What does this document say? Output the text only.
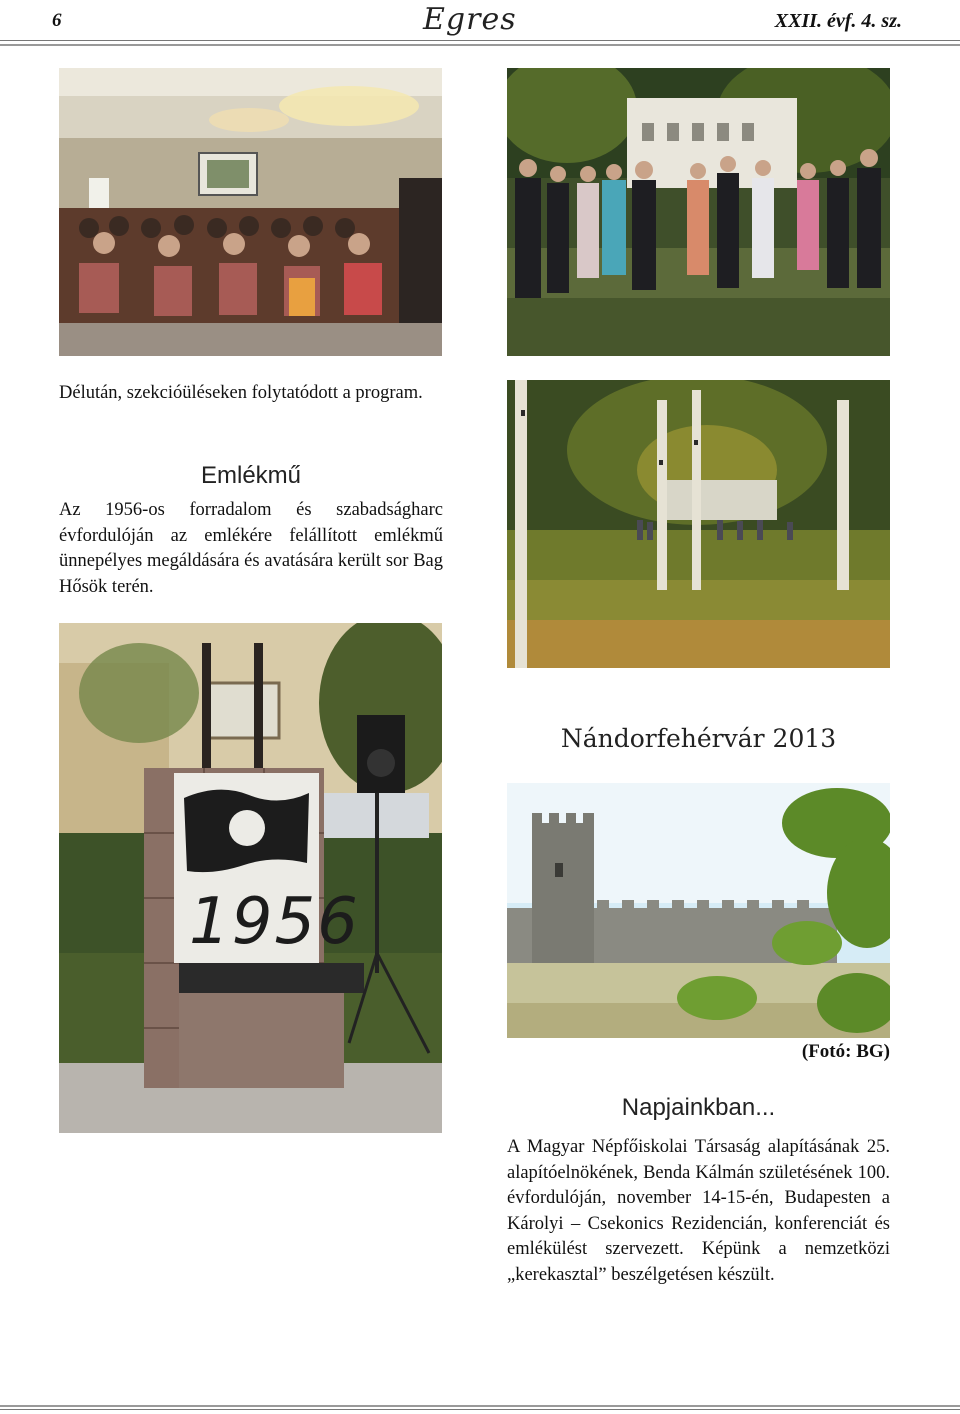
6	Egres	XXII. évf. 4. sz.
Délután, szekcióüléseken folytatódott a program.
Emlékmű
Az 1956-os forradalom és szabadságharc évfordulóján az emlékére felállított emlékmű ünnepélyes megáldására és avatására került sor Bag Hősök terén.
Nándorfehérvár 2013
1956
(Fotó: BG)
Napjainkban...
A Magyar Népfőiskolai Társaság alapításának 25. alapítóelnökének, Benda Kálmán születésének 100. évfordulóján, november 14-15-én, Budapesten a Károlyi – Csekonics Rezidencián, konferenciát és emlékülést szervezett. Képünk a nemzetközi „kerekasztal” beszélgetésen készült.
